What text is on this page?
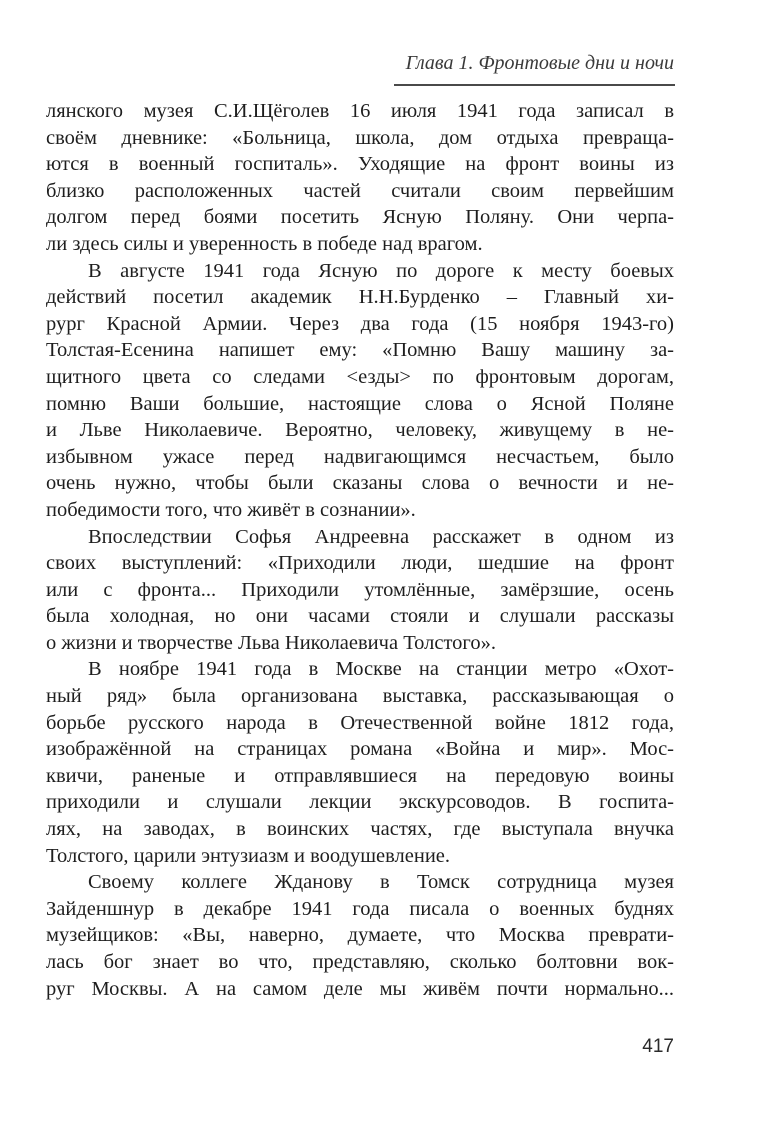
Глава 1. Фронтовые дни и ночи
лянского музея С.И.Щёголев 16 июля 1941 года записал в
своём дневнике: «Больница, школа, дом отдыха превраща-
ются в военный госпиталь». Уходящие на фронт воины из
близко расположенных частей считали своим первейшим
долгом перед боями посетить Ясную Поляну. Они черпа-
ли здесь силы и уверенность в победе над врагом.
В августе 1941 года Ясную по дороге к месту боевых
действий посетил академик Н.Н.Бурденко – Главный хи-
рург Красной Армии. Через два года (15 ноября 1943-го)
Толстая-Есенина напишет ему: «Помню Вашу машину за-
щитного цвета со следами <езды> по фронтовым дорогам,
помню Ваши большие, настоящие слова о Ясной Поляне
и Льве Николаевиче. Вероятно, человеку, живущему в не-
избывном ужасе перед надвигающимся несчастьем, было
очень нужно, чтобы были сказаны слова о вечности и не-
победимости того, что живёт в сознании».
Впоследствии Софья Андреевна расскажет в одном из
своих выступлений: «Приходили люди, шедшие на фронт
или с фронта... Приходили утомлённые, замёрзшие, осень
была холодная, но они часами стояли и слушали рассказы
о жизни и творчестве Льва Николаевича Толстого».
В ноябре 1941 года в Москве на станции метро «Охот-
ный ряд» была организована выставка, рассказывающая о
борьбе русского народа в Отечественной войне 1812 года,
изображённой на страницах романа «Война и мир». Мос-
квичи, раненые и отправлявшиеся на передовую воины
приходили и слушали лекции экскурсоводов. В госпита-
лях, на заводах, в воинских частях, где выступала внучка
Толстого, царили энтузиазм и воодушевление.
Своему коллеге Жданову в Томск сотрудница музея
Зайденшнур в декабре 1941 года писала о военных буднях
музейщиков: «Вы, наверно, думаете, что Москва преврати-
лась бог знает во что, представляю, сколько болтовни вок-
руг Москвы. А на самом деле мы живём почти нормально...
417
